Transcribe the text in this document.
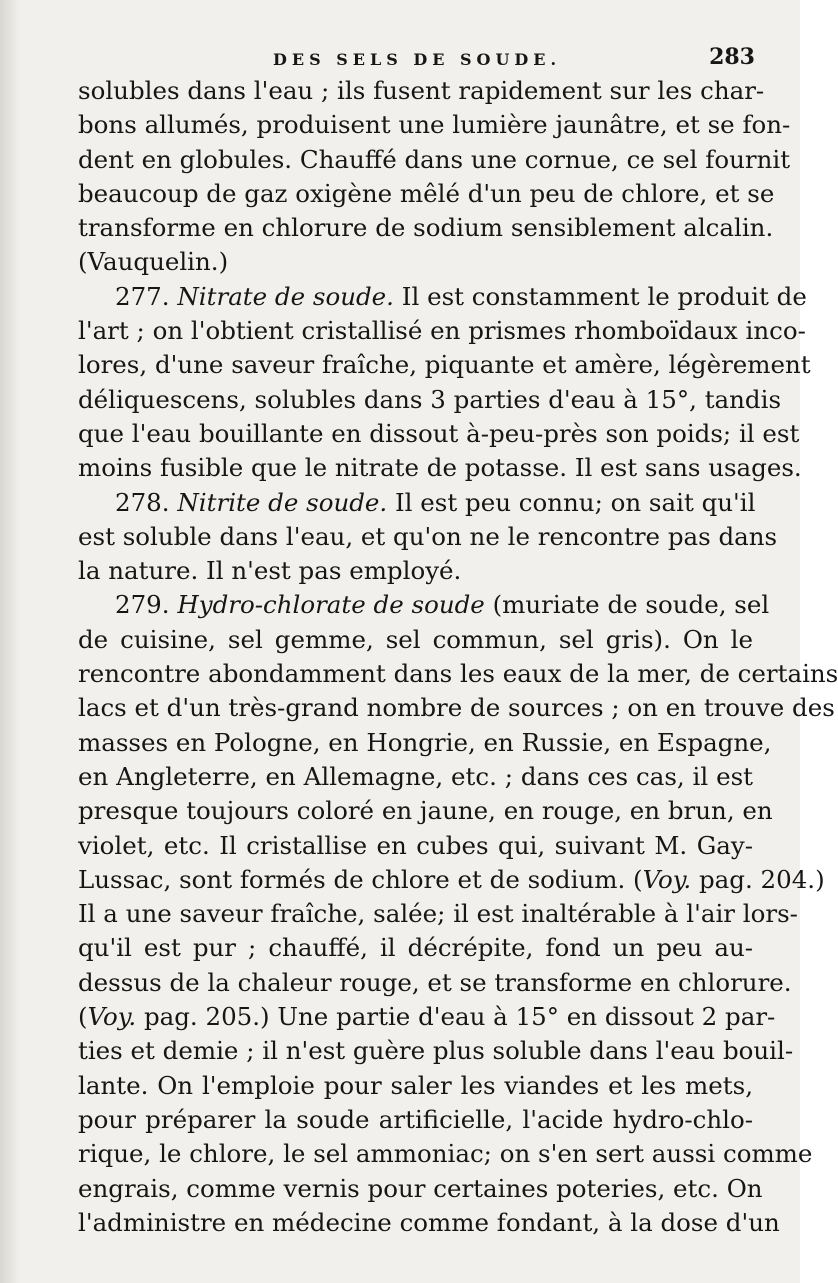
DES SELS DE SOUDE.	283
solubles dans l'eau ; ils fusent rapidement sur les char-
bons allumés, produisent une lumière jaunâtre, et se fon-
dent en globules. Chauffé dans une cornue, ce sel fournit
beaucoup de gaz oxigène mêlé d'un peu de chlore, et se
transforme en chlorure de sodium sensiblement alcalin.
(Vauquelin.)
277. Nitrate de soude. Il est constamment le produit de
l'art ; on l'obtient cristallisé en prismes rhomboïdaux inco-
lores, d'une saveur fraîche, piquante et amère, légèrement
déliquescens, solubles dans 3 parties d'eau à 15°, tandis
que l'eau bouillante en dissout à-peu-près son poids; il est
moins fusible que le nitrate de potasse. Il est sans usages.
278. Nitrite de soude. Il est peu connu; on sait qu'il
est soluble dans l'eau, et qu'on ne le rencontre pas dans
la nature. Il n'est pas employé.
279. Hydro-chlorate de soude (muriate de soude, sel
de cuisine, sel gemme, sel commun, sel gris). On le
rencontre abondamment dans les eaux de la mer, de certains
lacs et d'un très-grand nombre de sources ; on en trouve des
masses en Pologne, en Hongrie, en Russie, en Espagne,
en Angleterre, en Allemagne, etc. ; dans ces cas, il est
presque toujours coloré en jaune, en rouge, en brun, en
violet, etc. Il cristallise en cubes qui, suivant M. Gay-
Lussac, sont formés de chlore et de sodium. (Voy. pag. 204.)
Il a une saveur fraîche, salée; il est inaltérable à l'air lors-
qu'il est pur ; chauffé, il décrépite, fond un peu au-
dessus de la chaleur rouge, et se transforme en chlorure.
(Voy. pag. 205.) Une partie d'eau à 15° en dissout 2 par-
ties et demie ; il n'est guère plus soluble dans l'eau bouil-
lante. On l'emploie pour saler les viandes et les mets,
pour préparer la soude artificielle, l'acide hydro-chlo-
rique, le chlore, le sel ammoniac; on s'en sert aussi comme
engrais, comme vernis pour certaines poteries, etc. On
l'administre en médecine comme fondant, à la dose d'un
